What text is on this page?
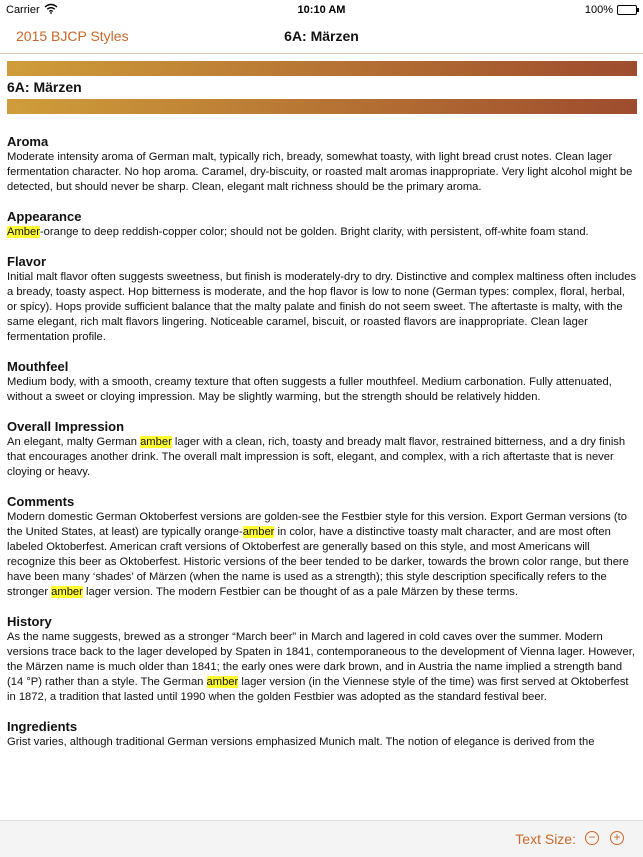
Carrier	10:10 AM	100%
2015 BJCP Styles	6A: Märzen
6A: Märzen
Aroma

Moderate intensity aroma of German malt, typically rich, bready, somewhat toasty, with light bread crust notes. Clean lager fermentation character. No hop aroma. Caramel, dry-biscuity, or roasted malt aromas inappropriate. Very light alcohol might be detected, but should never be sharp. Clean, elegant malt richness should be the primary aroma.

Appearance

Amber-orange to deep reddish-copper color; should not be golden. Bright clarity, with persistent, off-white foam stand.

Flavor

Initial malt flavor often suggests sweetness, but finish is moderately-dry to dry. Distinctive and complex maltiness often includes a bready, toasty aspect. Hop bitterness is moderate, and the hop flavor is low to none (German types: complex, floral, herbal, or spicy). Hops provide sufficient balance that the malty palate and finish do not seem sweet. The aftertaste is malty, with the same elegant, rich malt flavors lingering. Noticeable caramel, biscuit, or roasted flavors are inappropriate. Clean lager fermentation profile.

Mouthfeel

Medium body, with a smooth, creamy texture that often suggests a fuller mouthfeel. Medium carbonation. Fully attenuated, without a sweet or cloying impression. May be slightly warming, but the strength should be relatively hidden.

Overall Impression

An elegant, malty German amber lager with a clean, rich, toasty and bready malt flavor, restrained bitterness, and a dry finish that encourages another drink. The overall malt impression is soft, elegant, and complex, with a rich aftertaste that is never cloying or heavy.

Comments

Modern domestic German Oktoberfest versions are golden-see the Festbier style for this version. Export German versions (to the United States, at least) are typically orange-amber in color, have a distinctive toasty malt character, and are most often labeled Oktoberfest. American craft versions of Oktoberfest are generally based on this style, and most Americans will recognize this beer as Oktoberfest. Historic versions of the beer tended to be darker, towards the brown color range, but there have been many ‘shades’ of Märzen (when the name is used as a strength); this style description specifically refers to the stronger amber lager version. The modern Festbier can be thought of as a pale Märzen by these terms.

History

As the name suggests, brewed as a stronger “March beer” in March and lagered in cold caves over the summer. Modern versions trace back to the lager developed by Spaten in 1841, contemporaneous to the development of Vienna lager. However, the Märzen name is much older than 1841; the early ones were dark brown, and in Austria the name implied a strength band (14 °P) rather than a style. The German amber lager version (in the Viennese style of the time) was first served at Oktoberfest in 1872, a tradition that lasted until 1990 when the golden Festbier was adopted as the standard festival beer.

Ingredients

Grist varies, although traditional German versions emphasized Munich malt. The notion of elegance is derived from the

Text Size: − +
